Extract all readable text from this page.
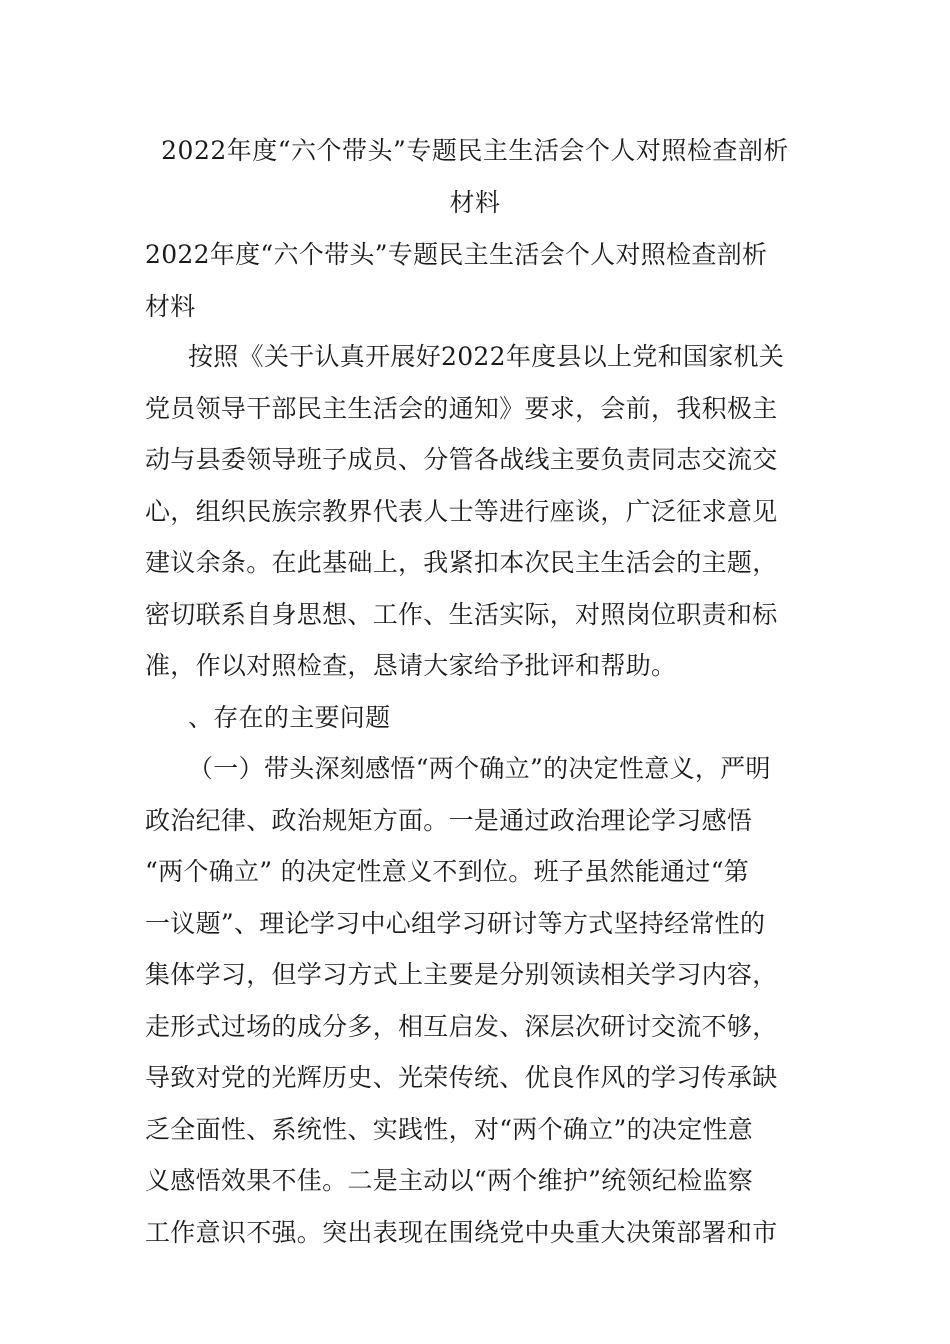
2022年度“六个带头”专题民主生活会个人对照检查剖析
材料
2022年度“六个带头”专题民主生活会个人对照检查剖析
材料
按照《关于认真开展好2022年度县以上党和国家机关
党员领导干部民主生活会的通知》要求，会前，我积极主
动与县委领导班子成员、分管各战线主要负责同志交流交
心，组织民族宗教界代表人士等进行座谈，广泛征求意见
建议余条。在此基础上，我紧扣本次民主生活会的主题，
密切联系自身思想、工作、生活实际，对照岗位职责和标
准，作以对照检查，恳请大家给予批评和帮助。
、存在的主要问题
（一）带头深刻感悟“两个确立”的决定性意义，严明
政治纪律、政治规矩方面。一是通过政治理论学习感悟
“两个确立” 的决定性意义不到位。班子虽然能通过“第
一议题”、理论学习中心组学习研讨等方式坚持经常性的
集体学习，但学习方式上主要是分别领读相关学习内容，
走形式过场的成分多，相互启发、深层次研讨交流不够，
导致对党的光辉历史、光荣传统、优良作风的学习传承缺
乏全面性、系统性、实践性，对“两个确立”的决定性意
义感悟效果不佳。二是主动以“两个维护”统领纪检监察
工作意识不强。突出表现在围绕党中央重大决策部署和市
